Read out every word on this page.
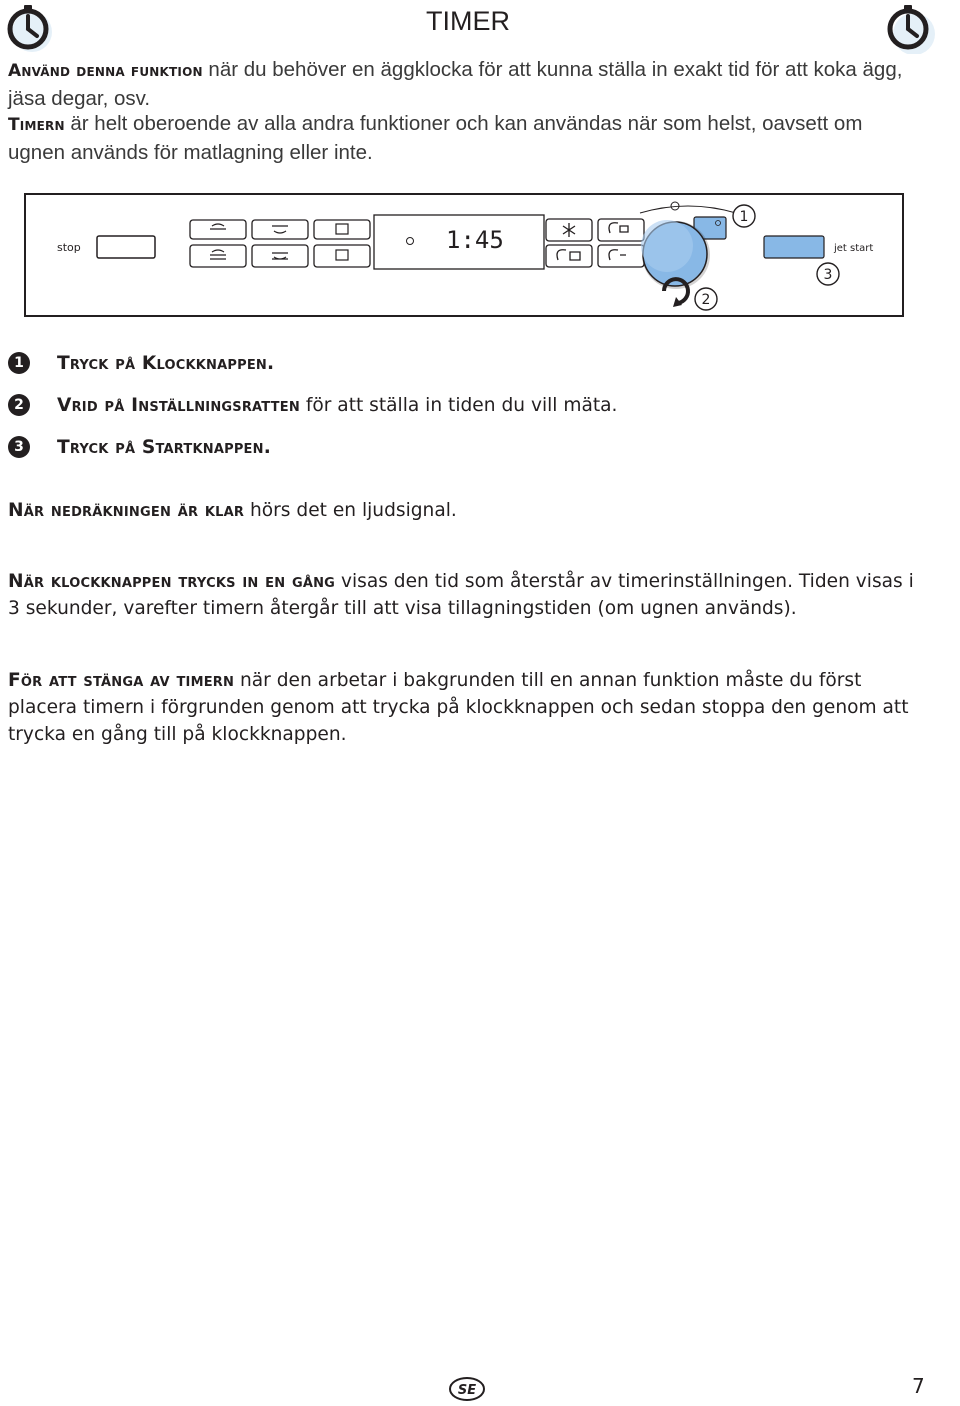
TIMER
Använd denna funktion när du behöver en äggklocka för att kunna ställa in exakt tid för att koka ägg, jäsa degar, osv.
Timern är helt oberoende av alla andra funktioner och kan användas när som helst, oavsett om ugnen används för matlagning eller inte.
stop	1:45	jet start
1
2
3
1	Tryck på Klockknappen.
2	Vrid på Inställningsratten för att ställa in tiden du vill mäta.
3	Tryck på Startknappen.
När nedräkningen är klar hörs det en ljudsignal.
När klockknappen trycks in en gång visas den tid som återstår av timerinställningen. Tiden visas i 3 sekunder, varefter timern återgår till att visa tillagningstiden (om ugnen används).
För att stänga av timern när den arbetar i bakgrunden till en annan funktion måste du först placera timern i förgrunden genom att trycka på klockknappen och sedan stoppa den genom att trycka en gång till på klockknappen.
SE	7
